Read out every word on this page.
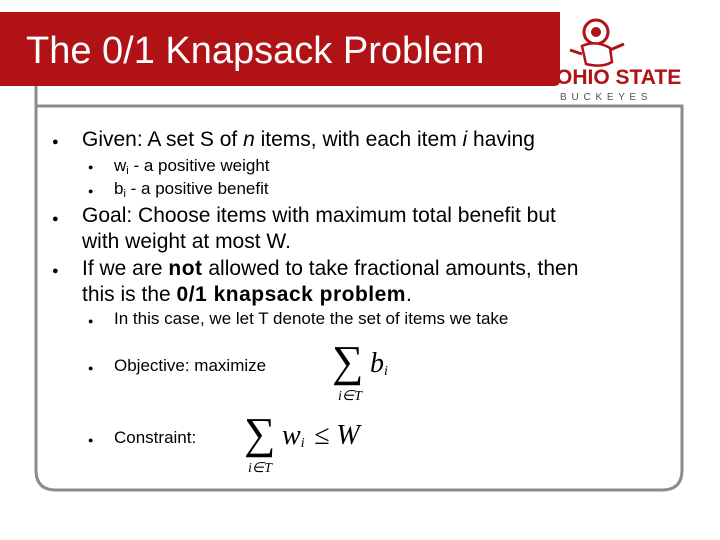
The 0/1 Knapsack Problem
OHIO STATE
B U C K E Y E S
● Given: A set S of n items, with each item i having
● $w_i$ - a positive weight
● $b_i$ - a positive benefit
● Goal: Choose items with maximum total benefit but
with weight at most W.
● If we are not allowed to take fractional amounts, then
this is the 0/1 knapsack problem.
● In this case, we let T denote the set of items we take
● Objective: maximize
● Constraint:
∑ $b_i$
i∈T
∑ $w_i \le W$
i∈T
